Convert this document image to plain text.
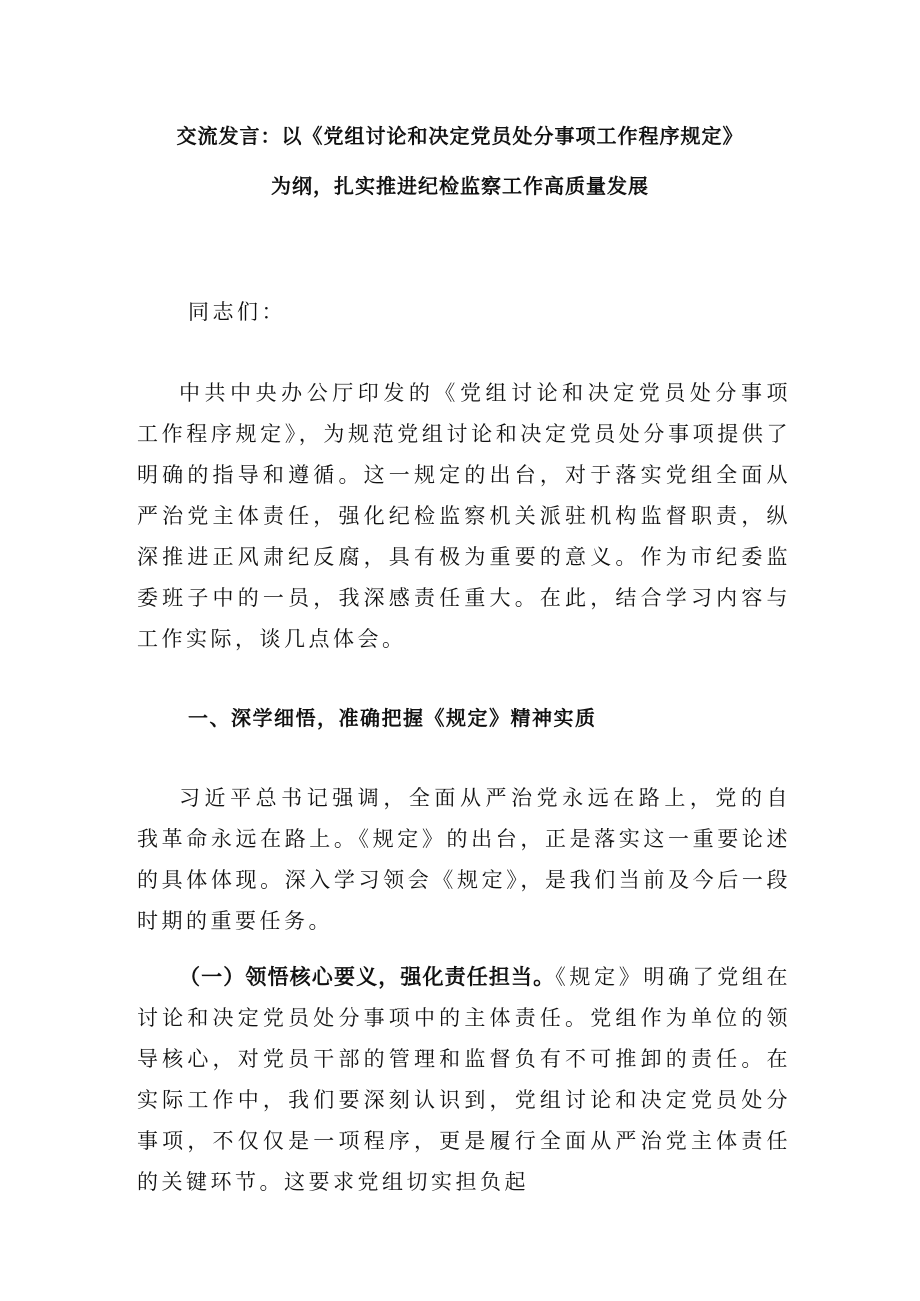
交流发言：以《党组讨论和决定党员处分事项工作程序规定》
为纲，扎实推进纪检监察工作高质量发展
同志们：
中共中央办公厅印发的《党组讨论和决定党员处分事项工作程序规定》，为规范党组讨论和决定党员处分事项提供了明确的指导和遵循。这一规定的出台，对于落实党组全面从严治党主体责任，强化纪检监察机关派驻机构监督职责，纵深推进正风肃纪反腐，具有极为重要的意义。作为市纪委监委班子中的一员，我深感责任重大。在此，结合学习内容与工作实际，谈几点体会。
一、深学细悟，准确把握《规定》精神实质
习近平总书记强调，全面从严治党永远在路上，党的自我革命永远在路上。《规定》的出台，正是落实这一重要论述的具体体现。深入学习领会《规定》，是我们当前及今后一段时期的重要任务。
（一）领悟核心要义，强化责任担当。《规定》明确了党组在讨论和决定党员处分事项中的主体责任。党组作为单位的领导核心，对党员干部的管理和监督负有不可推卸的责任。在实际工作中，我们要深刻认识到，党组讨论和决定党员处分事项，不仅仅是一项程序，更是履行全面从严治党主体责任的关键环节。这要求党组切实担负起
